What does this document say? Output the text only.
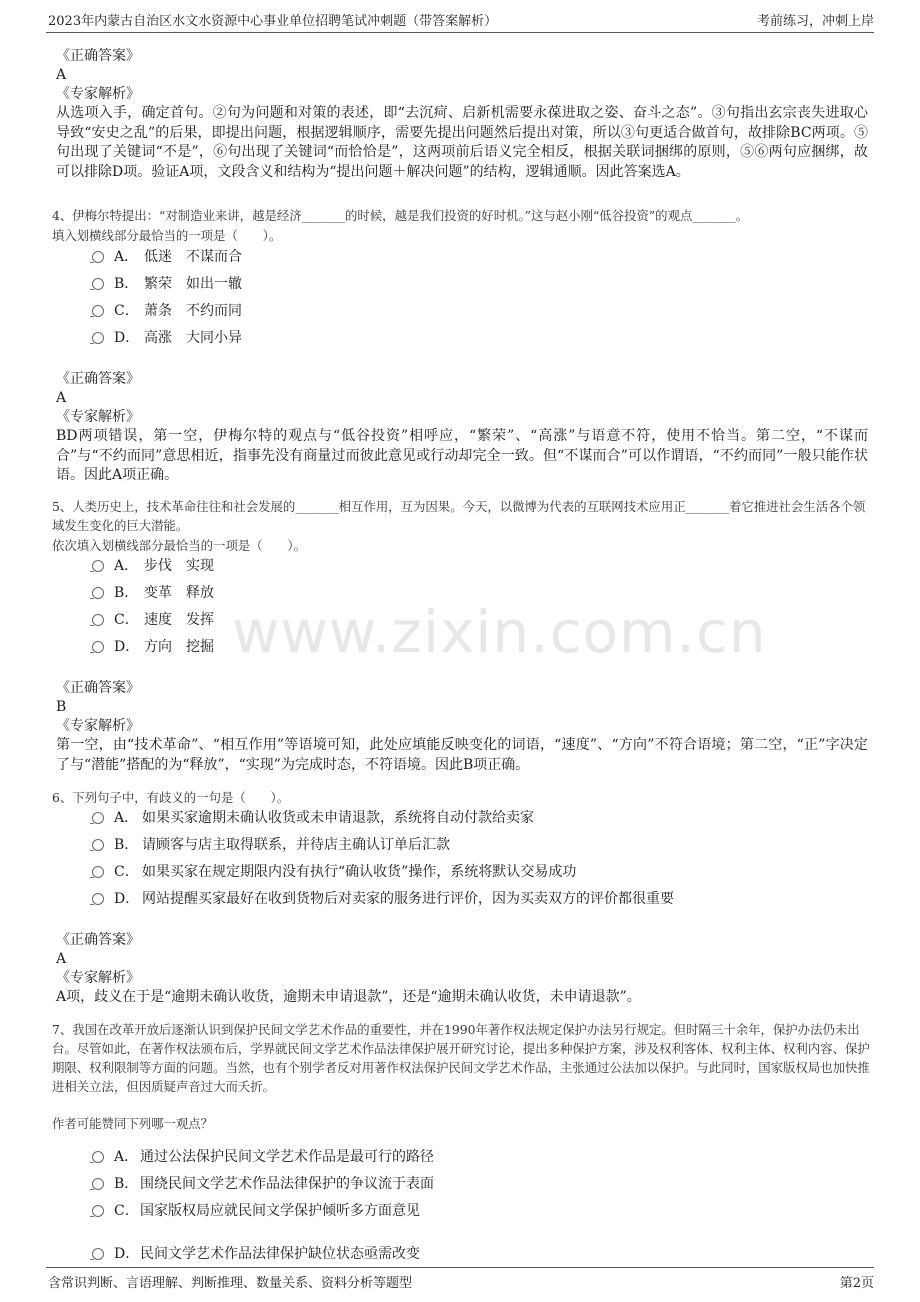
2023年内蒙古自治区水文水资源中心事业单位招聘笔试冲刺题（带答案解析）	考前练习，冲刺上岸
www.zixin.com.cn
《正确答案》
A
《专家解析》

从选项入手，确定首句。②句为问题和对策的表述，即“去沉疴、启新机需要永葆进取之姿、奋斗之态”。③句指出玄宗丧失进取心导致“安史之乱”的后果，即提出问题，根据逻辑顺序，需要先提出问题然后提出对策，所以③句更适合做首句，故排除BC两项。⑤句出现了关键词“不是”，⑥句出现了关键词“而恰恰是”，这两项前后语义完全相反，根据关联词捆绑的原则，⑤⑥两句应捆绑，故可以排除D项。验证A项，文段含义和结构为“提出问题＋解决问题”的结构，逻辑通顺。因此答案选A。

4、伊梅尔特提出：“对制造业来讲，越是经济_______的时候，越是我们投资的好时机。”这与赵小刚“低谷投资”的观点_______。

填入划横线部分最恰当的一项是（　　）。

A． 低迷　不谋而合
B． 繁荣　如出一辙
C． 萧条　不约而同
D． 高涨　大同小异
《正确答案》
A
《专家解析》

BD两项错误，第一空，伊梅尔特的观点与“低谷投资”相呼应，“繁荣”、“高涨”与语意不符，使用不恰当。第二空，“不谋而合”与“不约而同”意思相近，指事先没有商量过而彼此意见或行动却完全一致。但“不谋而合”可以作谓语，“不约而同”一般只能作状语。因此A项正确。

5、人类历史上，技术革命往往和社会发展的_______相互作用，互为因果。今天，以微博为代表的互联网技术应用正_______着它推进社会生活各个领域发生变化的巨大潜能。

依次填入划横线部分最恰当的一项是（　　）。

A． 步伐　实现
B． 变革　释放
C． 速度　发挥
D． 方向　挖掘
《正确答案》
B
《专家解析》

第一空，由“技术革命”、“相互作用”等语境可知，此处应填能反映变化的词语，“速度”、“方向”不符合语境；第二空，“正”字决定了与“潜能”搭配的为“释放”，“实现”为完成时态，不符语境。因此B项正确。

6、下列句子中，有歧义的一句是（　　）。

A． 如果买家逾期未确认收货或未申请退款，系统将自动付款给卖家
B． 请顾客与店主取得联系，并待店主确认订单后汇款
C． 如果买家在规定期限内没有执行“确认收货”操作，系统将默认交易成功
D． 网站提醒买家最好在收到货物后对卖家的服务进行评价，因为买卖双方的评价都很重要
《正确答案》
A
《专家解析》

A项，歧义在于是“逾期未确认收货，逾期未申请退款”，还是“逾期未确认收货，未申请退款”。

7、我国在改革开放后逐渐认识到保护民间文学艺术作品的重要性，并在1990年著作权法规定保护办法另行规定。但时隔三十余年，保护办法仍未出台。尽管如此，在著作权法颁布后，学界就民间文学艺术作品法律保护展开研究讨论，提出多种保护方案，涉及权利客体、权利主体、权利内容、保护期限、权利限制等方面的问题。当然，也有个别学者反对用著作权法保护民间文学艺术作品，主张通过公法加以保护。与此同时，国家版权局也加快推进相关立法，但因质疑声音过大而夭折。

作者可能赞同下列哪一观点？

A． 通过公法保护民间文学艺术作品是最可行的路径
B． 围绕民间文学艺术作品法律保护的争议流于表面
C． 国家版权局应就民间文学保护倾听多方面意见
D． 民间文学艺术作品法律保护缺位状态亟需改变
含常识判断、言语理解、判断推理、数量关系、资料分析等题型	第2页
